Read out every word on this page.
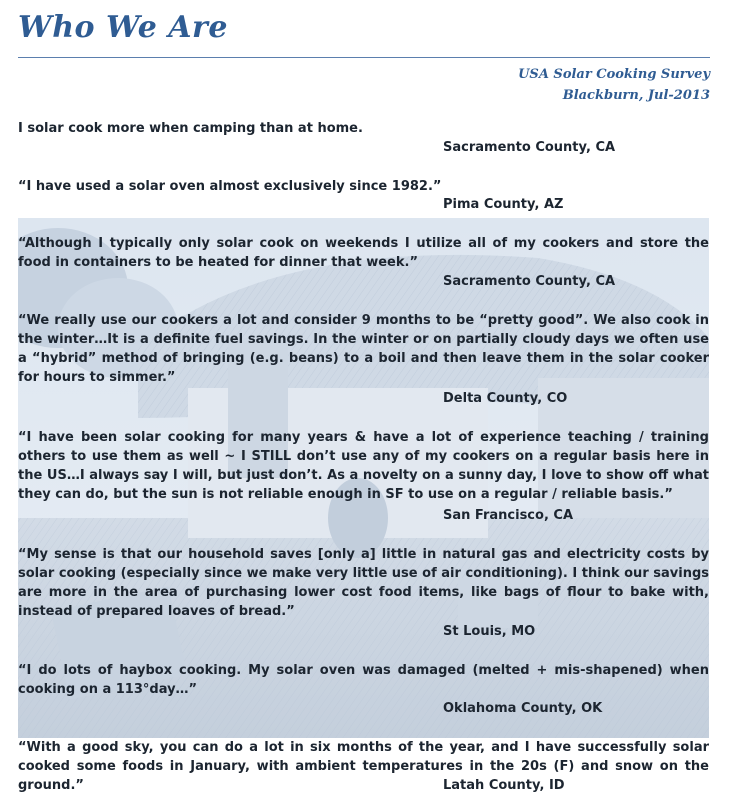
Who We Are
USA Solar Cooking Survey
Blackburn, Jul-2013
I solar cook more when camping than at home.
Sacramento County, CA
“I have used a solar oven almost exclusively since 1982.”
Pima County, AZ
“Although I typically only solar cook on weekends I utilize all of my cookers and store the food in containers to be heated for dinner that week.”
Sacramento County, CA
“We really use our cookers a lot and consider 9 months to be “pretty good”. We also cook in the winter…It is a definite fuel savings. In the winter or on partially cloudy days we often use a “hybrid” method of bringing (e.g. beans) to a boil and then leave them in the solar cooker for hours to simmer.”
Delta County, CO
“I have been solar cooking for many years & have a lot of experience teaching / training others to use them as well ~ I STILL don’t use any of my cookers on a regular basis here in the US…I always say I will, but just don’t. As a novelty on a sunny day, I love to show off what they can do, but the sun is not reliable enough in SF to use on a regular / reliable basis.”
San Francisco, CA
“My sense is that our household saves [only a] little in natural gas and electricity costs by solar cooking (especially since we make very little use of air conditioning). I think our savings are more in the area of purchasing lower cost food items, like bags of flour to bake with, instead of prepared loaves of bread.”
St Louis, MO
“I do lots of haybox cooking. My solar oven was damaged (melted + mis-shapened) when cooking on a 113°day…”
Oklahoma County, OK
“With a good sky, you can do a lot in six months of the year, and I have successfully solar cooked some foods in January, with ambient temperatures in the 20s (F) and snow on the ground.”	Latah County, ID
